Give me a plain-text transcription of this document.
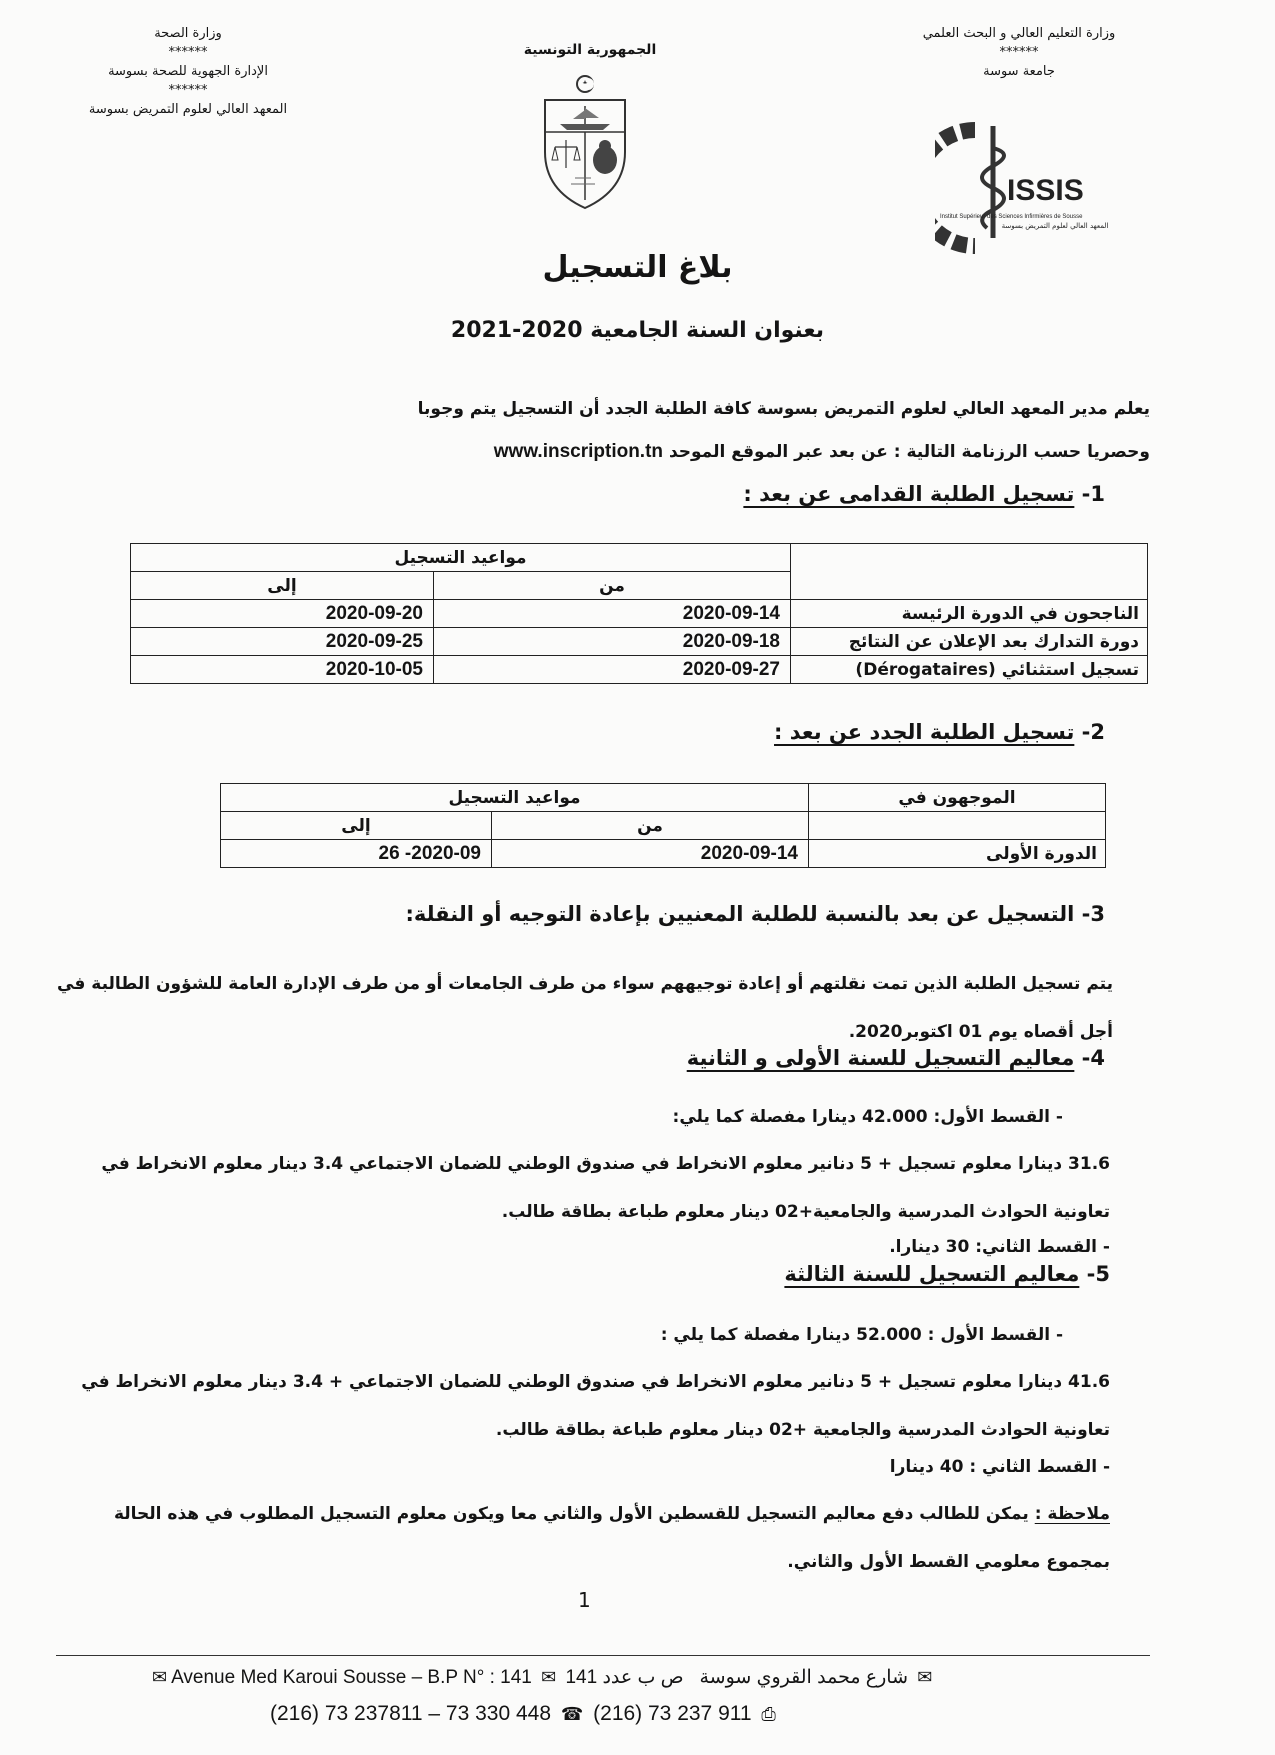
وزارة التعليم العالي و البحث العلمي
******
جامعة سوسة
الجمهورية التونسية
وزارة الصحة
******
الإدارة الجهوية للصحة بسوسة
******
المعهد العالي لعلوم التمريض بسوسة
ISSIS
Institut Supérieur des Sciences Infirmières de Sousse
المعهد العالي لعلوم التمريض بسوسة
بلاغ التسجيل
بعنوان السنة الجامعية 2020-2021
يعلم مدير المعهد العالي لعلوم التمريض بسوسة كافة الطلبة الجدد أن التسجيل يتم وجوبا
وحصريا حسب الرزنامة التالية : عن بعد عبر الموقع الموحد www.inscription.tn
1- تسجيل الطلبة القدامى عن بعد :
	مواعيد التسجيل	
	من	إلى
الناجحون في الدورة الرئيسة	2020-09-14	2020-09-20
دورة التدارك بعد الإعلان عن النتائج	2020-09-18	2020-09-25
تسجيل استثنائي (Dérogataires)	2020-09-27	2020-10-05
2- تسجيل الطلبة الجدد عن بعد :
الموجهون في	مواعيد التسجيل	
	من	إلى
الدورة الأولى	2020-09-14	2020-09- 26
3- التسجيل عن بعد بالنسبة للطلبة المعنيين بإعادة التوجيه أو النقلة:
يتم تسجيل الطلبة الذين تمت نقلتهم أو إعادة توجيههم سواء من طرف الجامعات أو من طرف الإدارة العامة للشؤون الطالبة في أجل أقصاه يوم 01 اكتوبر2020.
4- معاليم التسجيل للسنة الأولى و الثانية
- القسط الأول: 42.000 دينارا مفصلة كما يلي:
31.6 دينارا معلوم تسجيل + 5 دنانير معلوم الانخراط في صندوق الوطني للضمان الاجتماعي 3.4 دينار معلوم الانخراط في تعاونية الحوادث المدرسية والجامعية+02 دينار معلوم طباعة بطاقة طالب.
- القسط الثاني: 30 دينارا.
5- معاليم التسجيل للسنة الثالثة
- القسط الأول : 52.000 دينارا مفصلة كما يلي :
41.6 دينارا معلوم تسجيل + 5 دنانير معلوم الانخراط في صندوق الوطني للضمان الاجتماعي + 3.4 دينار معلوم الانخراط في تعاونية الحوادث المدرسية والجامعية +02 دينار معلوم طباعة بطاقة طالب.
- القسط الثاني : 40 دينارا
ملاحظة : يمكن للطالب دفع معاليم التسجيل للقسطين الأول والثاني معا ويكون معلوم التسجيل المطلوب في هذه الحالة بمجموع معلومي القسط الأول والثاني.
1
✉ Avenue Med Karoui Sousse – B.P N° : 141 ✉ ص ب عدد 141 شارع محمد القروي سوسة ✉
(216) 73 237811 – 73 330 448 ☎ (216) 73 237 911 ⎙
